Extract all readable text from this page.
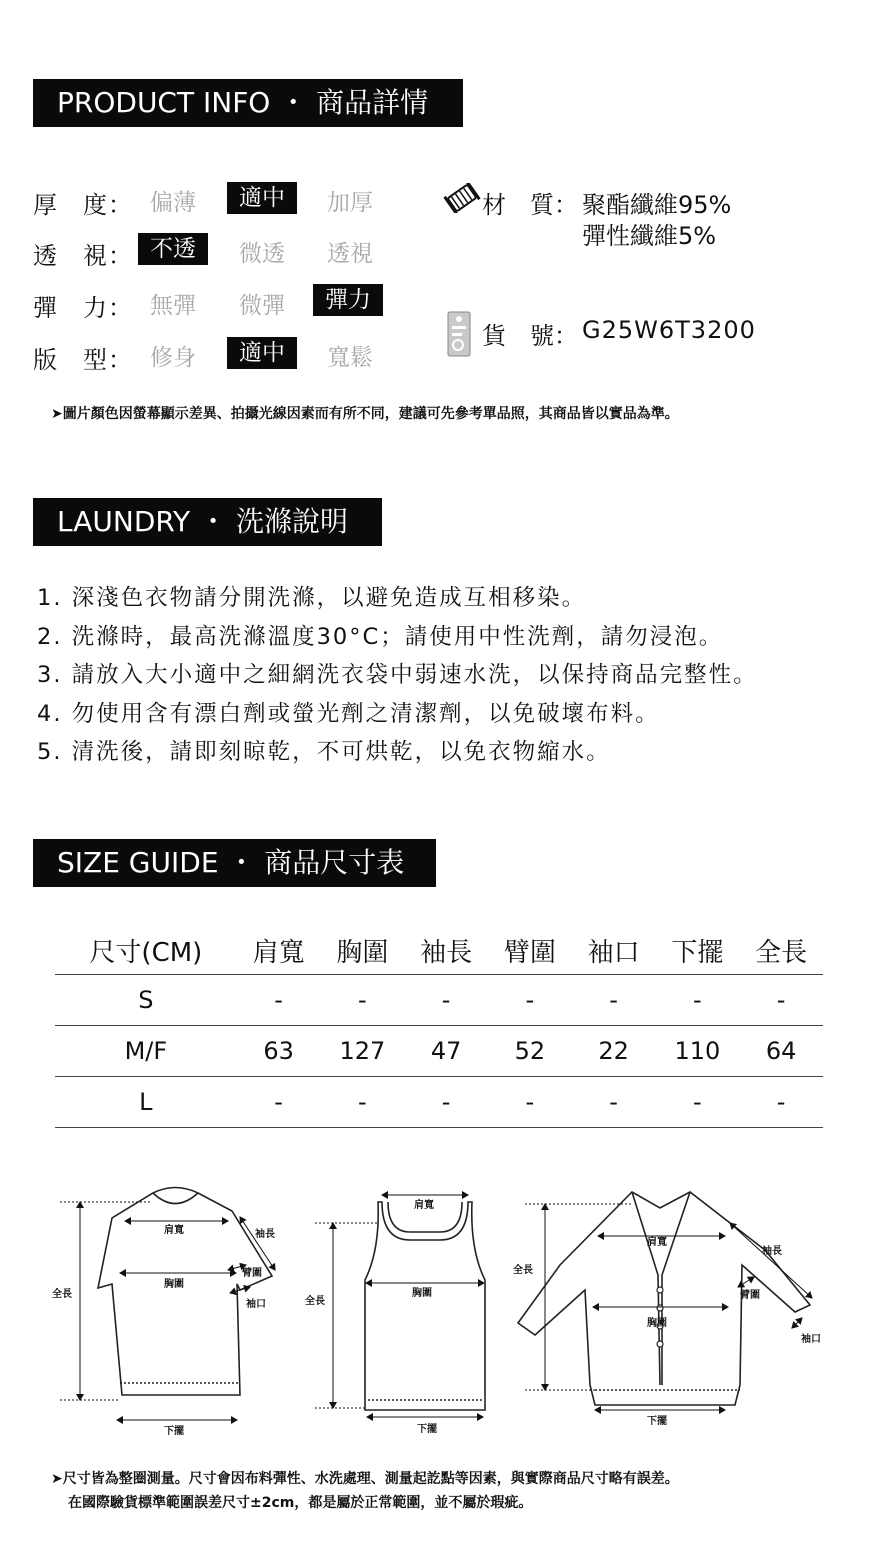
PRODUCT INFO ・ 商品詳情
厚　度： 偏薄	適中	加厚
透　視： 不透	微透	透視
彈　力： 無彈	微彈	彈力
版　型： 修身	適中	寬鬆
材　質： 聚酯纖維95%
彈性纖維5%
貨　號： G25W6T3200
➤圖片顏色因螢幕顯示差異、拍攝光線因素而有所不同，建議可先參考單品照，其商品皆以實品為準。
LAUNDRY ・ 洗滌說明
1. 深淺色衣物請分開洗滌，以避免造成互相移染。
2. 洗滌時，最高洗滌溫度30°C；請使用中性洗劑，請勿浸泡。
3. 請放入大小適中之細網洗衣袋中弱速水洗，以保持商品完整性。
4. 勿使用含有漂白劑或螢光劑之清潔劑，以免破壞布料。
5. 清洗後，請即刻晾乾，不可烘乾，以免衣物縮水。
SIZE GUIDE ・ 商品尺寸表
尺寸(CM)	肩寬	胸圍	袖長	臂圍	袖口	下擺	全長
S	-	-	-	-	-	-	-
M/F	63	127	47	52	22	110	64
L	-	-	-	-	-	-	-
肩寬
胸圍
袖長
臂圍
袖口
全長
下擺
肩寬
胸圍
全長
下擺
肩寬
胸圍
袖長
臂圍
袖口
全長
下擺
➤尺寸皆為整圈測量。尺寸會因布料彈性、水洗處理、測量起訖點等因素，與實際商品尺寸略有誤差。
在國際驗貨標準範圍誤差尺寸±2cm，都是屬於正常範圍，並不屬於瑕疵。
